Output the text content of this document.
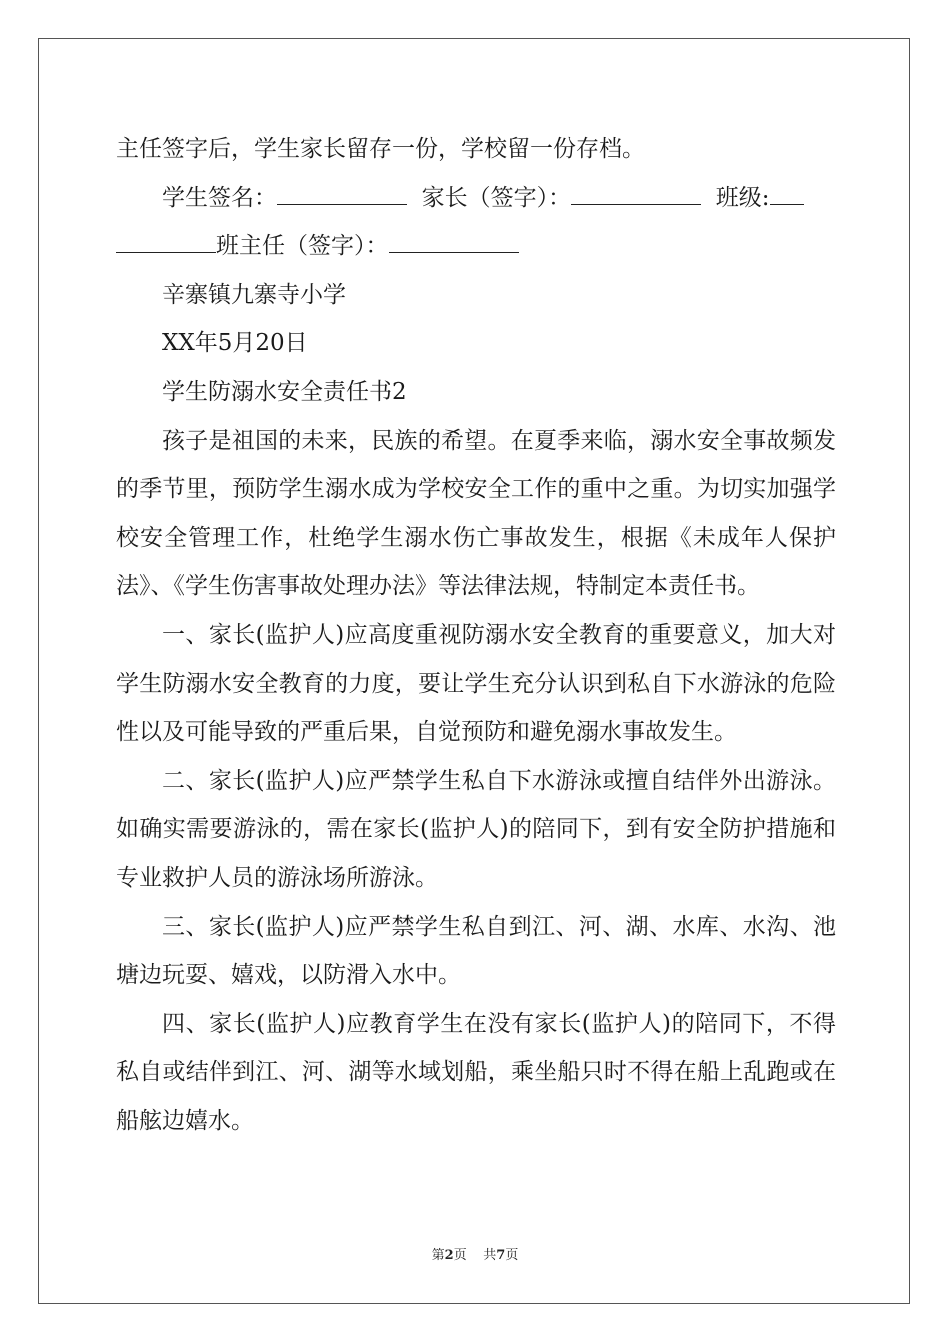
主任签字后，学生家长留存一份，学校留一份存档。
学生签名：	家长（签字）：	班级:
班主任（签字）：
辛寨镇九寨寺小学
XX年5月20日
学生防溺水安全责任书2

孩子是祖国的未来，民族的希望。在夏季来临，溺水安全事故频发的季节里，预防学生溺水成为学校安全工作的重中之重。为切实加强学校安全管理工作，杜绝学生溺水伤亡事故发生，根据《未成年人保护法》、《学生伤害事故处理办法》等法律法规，特制定本责任书。

一、家长(监护人)应高度重视防溺水安全教育的重要意义，加大对学生防溺水安全教育的力度，要让学生充分认识到私自下水游泳的危险性以及可能导致的严重后果，自觉预防和避免溺水事故发生。

二、家长(监护人)应严禁学生私自下水游泳或擅自结伴外出游泳。如确实需要游泳的，需在家长(监护人)的陪同下，到有安全防护措施和专业救护人员的游泳场所游泳。

三、家长(监护人)应严禁学生私自到江、河、湖、水库、水沟、池塘边玩耍、嬉戏，以防滑入水中。

四、家长(监护人)应教育学生在没有家长(监护人)的陪同下，不得私自或结伴到江、河、湖等水域划船，乘坐船只时不得在船上乱跑或在船舷边嬉水。

第2页 共7页
